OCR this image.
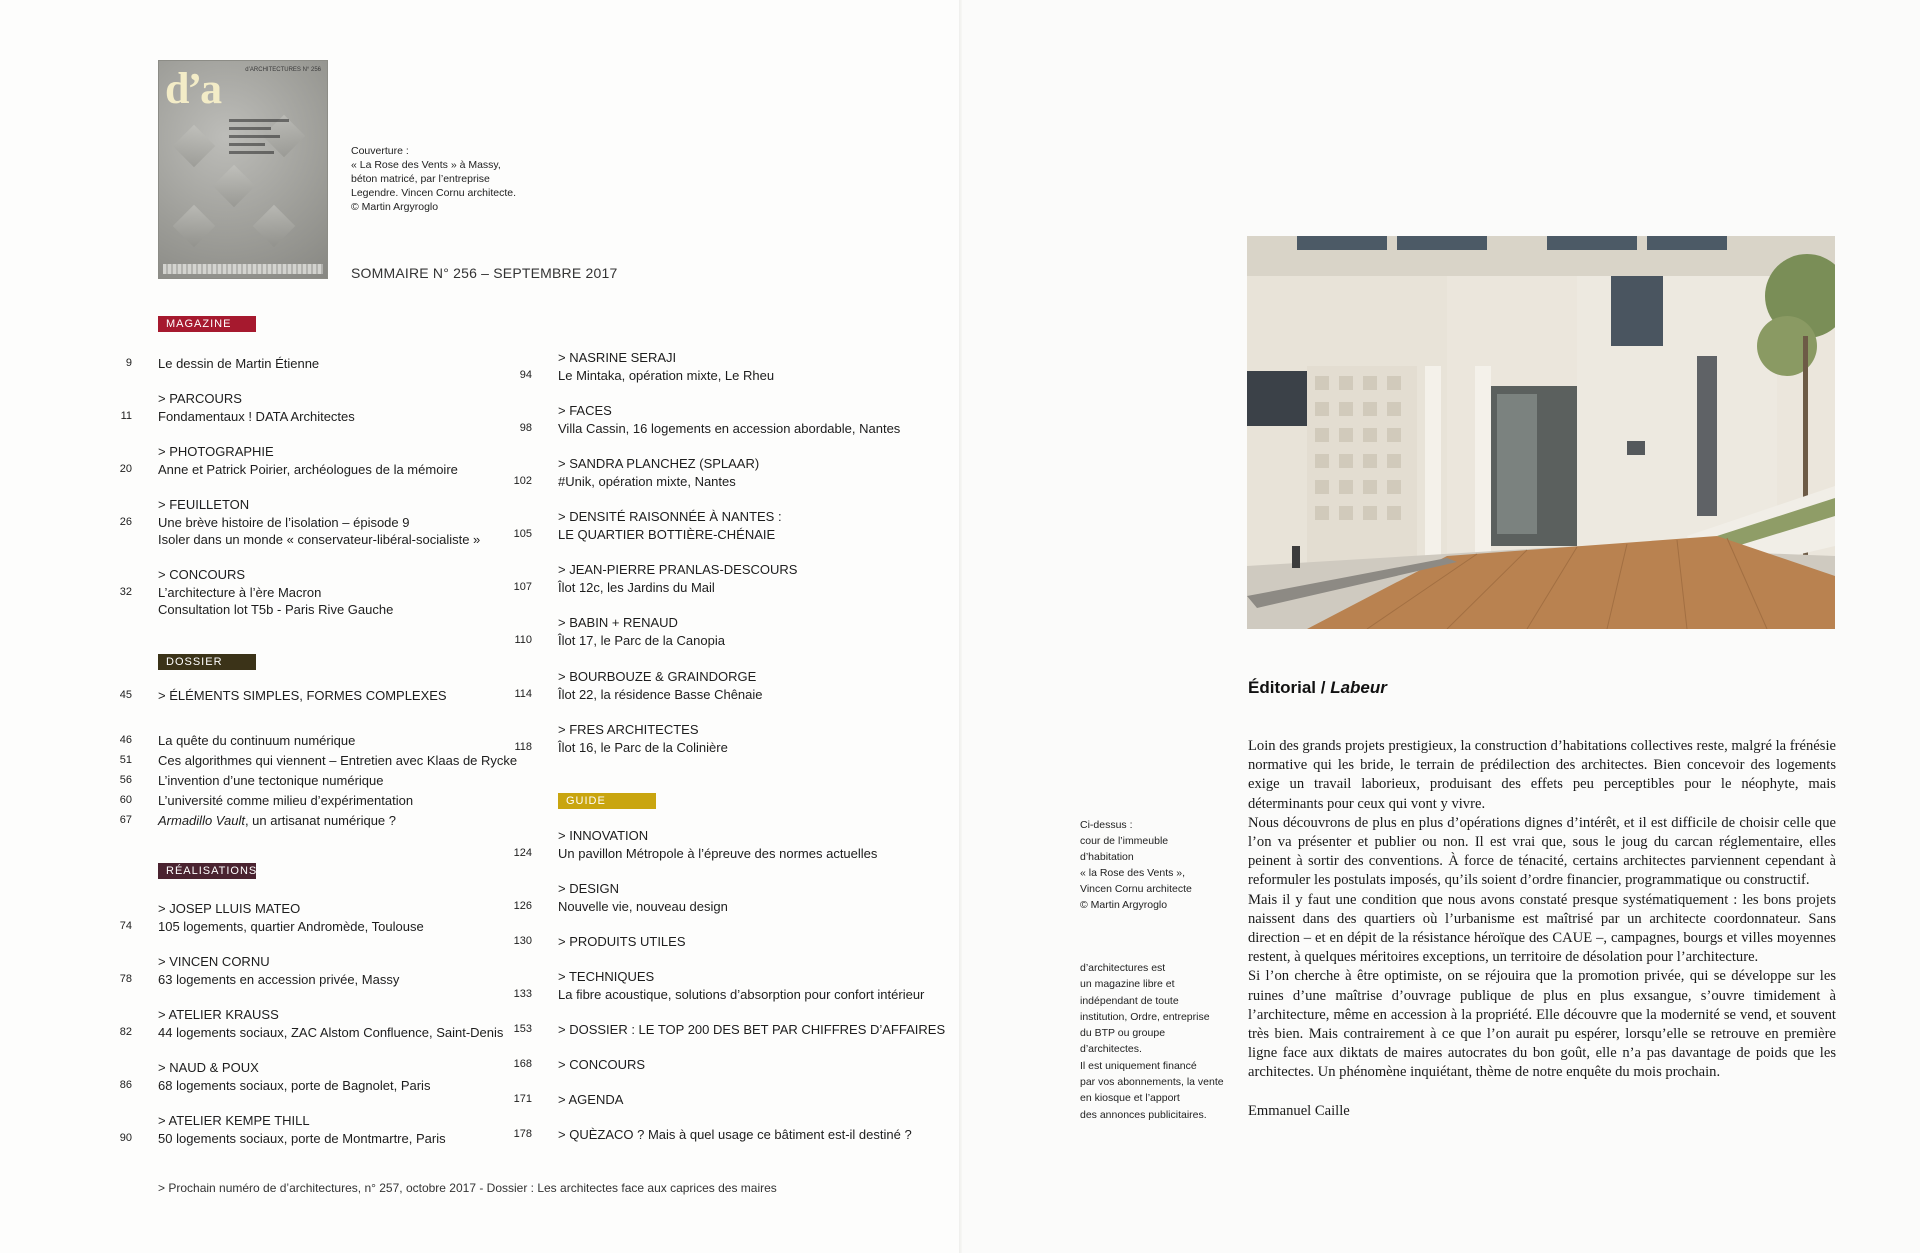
d’a	d’ARCHITECTURES N° 256
Couverture :
« La Rose des Vents » à Massy,
béton matricé, par l’entreprise
Legendre. Vincen Cornu architecte.
© Martin Argyroglo
SOMMAIRE N° 256 – SEPTEMBRE 2017
MAGAZINE
DOSSIER
RÉALISATIONS
GUIDE
9 Le dessin de Martin Étienne
11
> PARCOURS
Fondamentaux ! DATA Architectes
20
> PHOTOGRAPHIE
Anne et Patrick Poirier, archéologues de la mémoire
26
> FEUILLETON
Une brève histoire de l’isolation – épisode 9
Isoler dans un monde « conservateur-libéral-socialiste »
32
> CONCOURS
L’architecture à l’ère Macron
Consultation lot T5b - Paris Rive Gauche
45 > ÉLÉMENTS SIMPLES, FORMES COMPLEXES
46 La quête du continuum numérique
51 Ces algorithmes qui viennent – Entretien avec Klaas de Rycke
56 L’invention d’une tectonique numérique
60 L’université comme milieu d’expérimentation
67 Armadillo Vault, un artisanat numérique ?
74
> JOSEP LLUIS MATEO
105 logements, quartier Andromède, Toulouse
78
> VINCEN CORNU
63 logements en accession privée, Massy
82
> ATELIER KRAUSS
44 logements sociaux, ZAC Alstom Confluence, Saint-Denis
86
> NAUD & POUX
68 logements sociaux, porte de Bagnolet, Paris
90
> ATELIER KEMPE THILL
50 logements sociaux, porte de Montmartre, Paris
94
> NASRINE SERAJI
Le Mintaka, opération mixte, Le Rheu
98
> FACES
Villa Cassin, 16 logements en accession abordable, Nantes
102
> SANDRA PLANCHEZ (SPLAAR)
#Unik, opération mixte, Nantes
105
> DENSITÉ RAISONNÉE À NANTES :
LE QUARTIER BOTTIÈRE-CHÉNAIE
107
> JEAN-PIERRE PRANLAS-DESCOURS
Îlot 12c, les Jardins du Mail
110
> BABIN + RENAUD
Îlot 17, le Parc de la Canopia
114
> BOURBOUZE & GRAINDORGE
Îlot 22, la résidence Basse Chênaie
118
> FRES ARCHITECTES
Îlot 16, le Parc de la Colinière
124
> INNOVATION
Un pavillon Métropole à l’épreuve des normes actuelles
126
> DESIGN
Nouvelle vie, nouveau design
130 > PRODUITS UTILES
133
> TECHNIQUES
La fibre acoustique, solutions d’absorption pour confort intérieur
153 > DOSSIER : LE TOP 200 DES BET PAR CHIFFRES D’AFFAIRES
168 > CONCOURS
171 > AGENDA
178 > QUÈZACO ? Mais à quel usage ce bâtiment est-il destiné ?
> Prochain numéro de d’architectures, n° 257, octobre 2017 - Dossier : Les architectes face aux caprices des maires
Ci-dessus :
cour de l’immeuble
d’habitation
« la Rose des Vents »,
Vincen Cornu architecte
© Martin Argyroglo
d’architectures est
un magazine libre et
indépendant de toute
institution, Ordre, entreprise
du BTP ou groupe
d’architectes.
Il est uniquement financé
par vos abonnements, la vente
en kiosque et l’apport
des annonces publicitaires.
Éditorial / Labeur

Loin des grands projets prestigieux, la construction d’habitations collectives reste, malgré la frénésie normative qui les bride, le terrain de prédilection des architectes. Bien concevoir des logements exige un travail laborieux, produisant des effets peu perceptibles pour le néophyte, mais déterminants pour ceux qui vont y vivre.

Nous découvrons de plus en plus d’opérations dignes d’intérêt, et il est difficile de choisir celle que l’on va présenter et publier ou non. Il est vrai que, sous le joug du carcan réglementaire, elles peinent à sortir des conventions. À force de ténacité, certains architectes parviennent cependant à reformuler les postulats imposés, qu’ils soient d’ordre financier, programmatique ou constructif.

Mais il y faut une condition que nous avons constaté presque systématiquement : les bons projets naissent dans des quartiers où l’urbanisme est maîtrisé par un architecte coordonnateur. Sans direction – et en dépit de la résistance héroïque des CAUE –, campagnes, bourgs et villes moyennes restent, à quelques méritoires exceptions, un territoire de désolation pour l’architecture.

Si l’on cherche à être optimiste, on se réjouira que la promotion privée, qui se développe sur les ruines d’une maîtrise d’ouvrage publique de plus en plus exsangue, s’ouvre timidement à l’architecture, même en accession à la propriété. Elle découvre que la modernité se vend, et souvent très bien. Mais contrairement à ce que l’on aurait pu espérer, lorsqu’elle se retrouve en première ligne face aux diktats de maires autocrates du bon goût, elle n’a pas davantage de poids que les architectes. Un phénomène inquiétant, thème de notre enquête du mois prochain.

Emmanuel Caille
